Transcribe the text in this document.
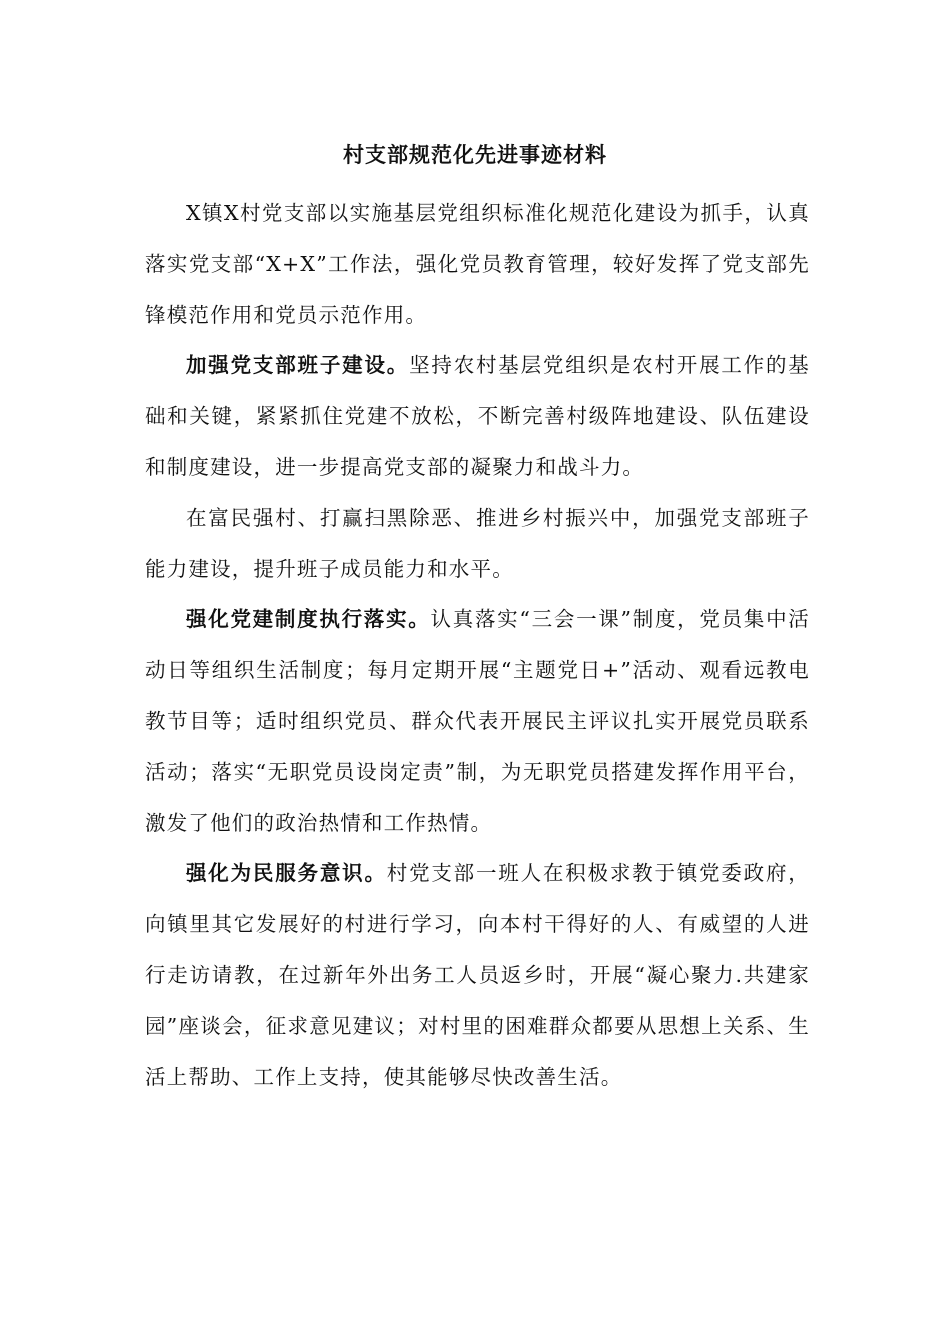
村支部规范化先进事迹材料

X镇X村党支部以实施基层党组织标准化规范化建设为抓手，认真落实党支部“X+X”工作法，强化党员教育管理，较好发挥了党支部先锋模范作用和党员示范作用。

加强党支部班子建设。坚持农村基层党组织是农村开展工作的基础和关键，紧紧抓住党建不放松，不断完善村级阵地建设、队伍建设和制度建设，进一步提高党支部的凝聚力和战斗力。

在富民强村、打赢扫黑除恶、推进乡村振兴中，加强党支部班子能力建设，提升班子成员能力和水平。

强化党建制度执行落实。认真落实“三会一课”制度，党员集中活动日等组织生活制度；每月定期开展“主题党日+”活动、观看远教电教节目等；适时组织党员、群众代表开展民主评议扎实开展党员联系活动；落实“无职党员设岗定责”制，为无职党员搭建发挥作用平台，激发了他们的政治热情和工作热情。

强化为民服务意识。村党支部一班人在积极求教于镇党委政府，向镇里其它发展好的村进行学习，向本村干得好的人、有威望的人进行走访请教，在过新年外出务工人员返乡时，开展“凝心聚力.共建家园”座谈会，征求意见建议；对村里的困难群众都要从思想上关系、生活上帮助、工作上支持，使其能够尽快改善生活。
